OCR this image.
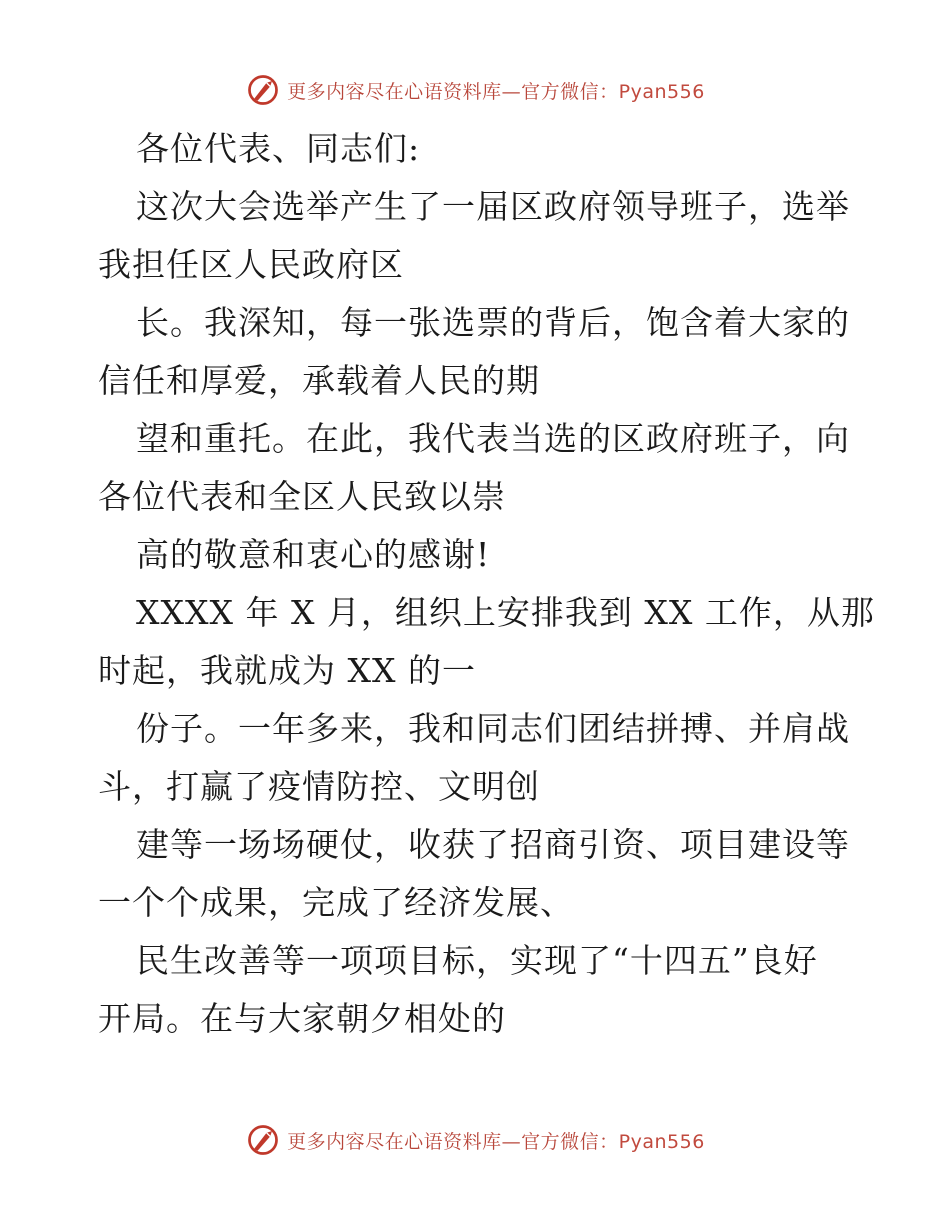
更多内容尽在心语资料库—官方微信：Pyan556
各位代表、同志们:
这次大会选举产生了一届区政府领导班子，选举
我担任区人民政府区
长。我深知，每一张选票的背后，饱含着大家的
信任和厚爱，承载着人民的期
望和重托。在此，我代表当选的区政府班子，向
各位代表和全区人民致以崇
高的敬意和衷心的感谢!
XXXX 年 X 月，组织上安排我到 XX 工作，从那
时起，我就成为 XX 的一
份子。一年多来，我和同志们团结拼搏、并肩战
斗，打赢了疫情防控、文明创
建等一场场硬仗，收获了招商引资、项目建设等
一个个成果，完成了经济发展、
民生改善等一项项目标，实现了“十四五”良好
开局。在与大家朝夕相处的
更多内容尽在心语资料库—官方微信：Pyan556
